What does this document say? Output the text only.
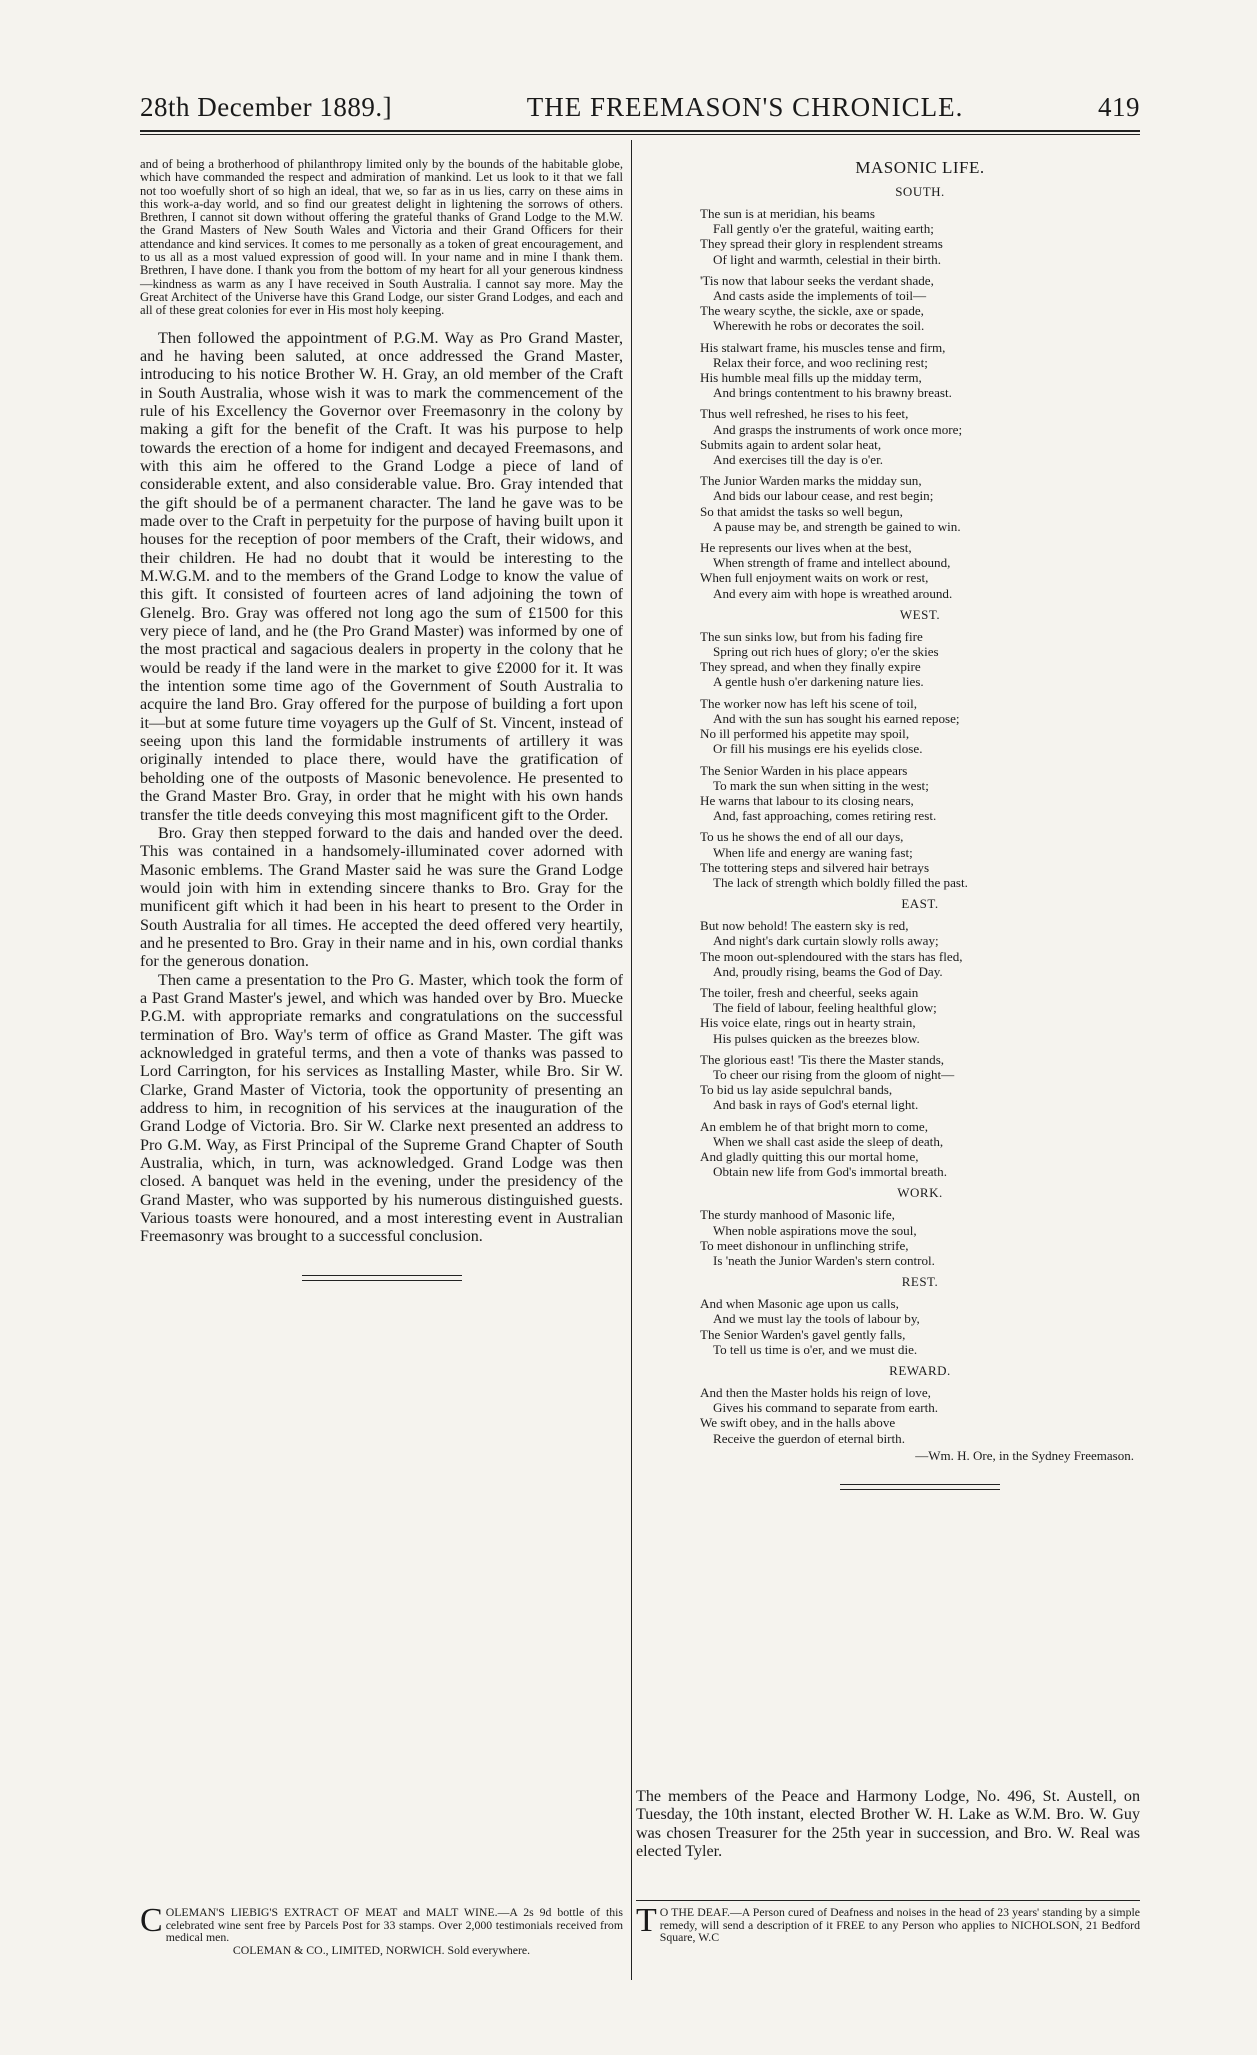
28th December 1889.]	THE FREEMASON'S CHRONICLE.	419

and of being a brotherhood of philanthropy limited only by the bounds of the habitable globe, which have commanded the respect and admiration of mankind. Let us look to it that we fall not too woefully short of so high an ideal, that we, so far as in us lies, carry on these aims in this work-a-day world, and so find our greatest delight in lightening the sorrows of others. Brethren, I cannot sit down without offering the grateful thanks of Grand Lodge to the M.W. the Grand Masters of New South Wales and Victoria and their Grand Officers for their attendance and kind services. It comes to me personally as a token of great encouragement, and to us all as a most valued expression of good will. In your name and in mine I thank them. Brethren, I have done. I thank you from the bottom of my heart for all your generous kindness—kindness as warm as any I have received in South Australia. I cannot say more. May the Great Architect of the Universe have this Grand Lodge, our sister Grand Lodges, and each and all of these great colonies for ever in His most holy keeping.

Then followed the appointment of P.G.M. Way as Pro Grand Master, and he having been saluted, at once addressed the Grand Master, introducing to his notice Brother W. H. Gray, an old member of the Craft in South Australia, whose wish it was to mark the commencement of the rule of his Excellency the Governor over Freemasonry in the colony by making a gift for the benefit of the Craft. It was his purpose to help towards the erection of a home for indigent and decayed Freemasons, and with this aim he offered to the Grand Lodge a piece of land of considerable extent, and also considerable value. Bro. Gray intended that the gift should be of a permanent character. The land he gave was to be made over to the Craft in perpetuity for the purpose of having built upon it houses for the reception of poor members of the Craft, their widows, and their children. He had no doubt that it would be interesting to the M.W.G.M. and to the members of the Grand Lodge to know the value of this gift. It consisted of fourteen acres of land adjoining the town of Glenelg. Bro. Gray was offered not long ago the sum of £1500 for this very piece of land, and he (the Pro Grand Master) was informed by one of the most practical and sagacious dealers in property in the colony that he would be ready if the land were in the market to give £2000 for it. It was the intention some time ago of the Government of South Australia to acquire the land Bro. Gray offered for the purpose of building a fort upon it—but at some future time voyagers up the Gulf of St. Vincent, instead of seeing upon this land the formidable instruments of artillery it was originally intended to place there, would have the gratification of beholding one of the outposts of Masonic benevolence. He presented to the Grand Master Bro. Gray, in order that he might with his own hands transfer the title deeds conveying this most magnificent gift to the Order.

Bro. Gray then stepped forward to the dais and handed over the deed. This was contained in a handsomely-illuminated cover adorned with Masonic emblems. The Grand Master said he was sure the Grand Lodge would join with him in extending sincere thanks to Bro. Gray for the munificent gift which it had been in his heart to present to the Order in South Australia for all times. He accepted the deed offered very heartily, and he presented to Bro. Gray in their name and in his, own cordial thanks for the generous donation.

Then came a presentation to the Pro G. Master, which took the form of a Past Grand Master's jewel, and which was handed over by Bro. Muecke P.G.M. with appropriate remarks and congratulations on the successful termination of Bro. Way's term of office as Grand Master. The gift was acknowledged in grateful terms, and then a vote of thanks was passed to Lord Carrington, for his services as Installing Master, while Bro. Sir W. Clarke, Grand Master of Victoria, took the opportunity of presenting an address to him, in recognition of his services at the inauguration of the Grand Lodge of Victoria. Bro. Sir W. Clarke next presented an address to Pro G.M. Way, as First Principal of the Supreme Grand Chapter of South Australia, which, in turn, was acknowledged. Grand Lodge was then closed. A banquet was held in the evening, under the presidency of the Grand Master, who was supported by his numerous distinguished guests. Various toasts were honoured, and a most interesting event in Australian Freemasonry was brought to a successful conclusion.

MASONIC LIFE.
SOUTH.
The sun is at meridian, his beams
Fall gently o'er the grateful, waiting earth;
They spread their glory in resplendent streams
Of light and warmth, celestial in their birth.
'Tis now that labour seeks the verdant shade,
And casts aside the implements of toil—
The weary scythe, the sickle, axe or spade,
Wherewith he robs or decorates the soil.
His stalwart frame, his muscles tense and firm,
Relax their force, and woo reclining rest;
His humble meal fills up the midday term,
And brings contentment to his brawny breast.
Thus well refreshed, he rises to his feet,
And grasps the instruments of work once more;
Submits again to ardent solar heat,
And exercises till the day is o'er.
The Junior Warden marks the midday sun,
And bids our labour cease, and rest begin;
So that amidst the tasks so well begun,
A pause may be, and strength be gained to win.
He represents our lives when at the best,
When strength of frame and intellect abound,
When full enjoyment waits on work or rest,
And every aim with hope is wreathed around.
WEST.
The sun sinks low, but from his fading fire
Spring out rich hues of glory; o'er the skies
They spread, and when they finally expire
A gentle hush o'er darkening nature lies.
The worker now has left his scene of toil,
And with the sun has sought his earned repose;
No ill performed his appetite may spoil,
Or fill his musings ere his eyelids close.
The Senior Warden in his place appears
To mark the sun when sitting in the west;
He warns that labour to its closing nears,
And, fast approaching, comes retiring rest.
To us he shows the end of all our days,
When life and energy are waning fast;
The tottering steps and silvered hair betrays
The lack of strength which boldly filled the past.
EAST.
But now behold! The eastern sky is red,
And night's dark curtain slowly rolls away;
The moon out-splendoured with the stars has fled,
And, proudly rising, beams the God of Day.
The toiler, fresh and cheerful, seeks again
The field of labour, feeling healthful glow;
His voice elate, rings out in hearty strain,
His pulses quicken as the breezes blow.
The glorious east! 'Tis there the Master stands,
To cheer our rising from the gloom of night—
To bid us lay aside sepulchral bands,
And bask in rays of God's eternal light.
An emblem he of that bright morn to come,
When we shall cast aside the sleep of death,
And gladly quitting this our mortal home,
Obtain new life from God's immortal breath.
WORK.
The sturdy manhood of Masonic life,
When noble aspirations move the soul,
To meet dishonour in unflinching strife,
Is 'neath the Junior Warden's stern control.
REST.
And when Masonic age upon us calls,
And we must lay the tools of labour by,
The Senior Warden's gavel gently falls,
To tell us time is o'er, and we must die.
REWARD.
And then the Master holds his reign of love,
Gives his command to separate from earth.
We swift obey, and in the halls above
Receive the guerdon of eternal birth.
—Wm. H. Ore, in the Sydney Freemason.
The members of the Peace and Harmony Lodge, No. 496, St. Austell, on Tuesday, the 10th instant, elected Brother W. H. Lake as W.M. Bro. W. Guy was chosen Treasurer for the 25th year in succession, and Bro. W. Real was elected Tyler.
C OLEMAN'S LIEBIG'S EXTRACT OF MEAT and MALT WINE.—A 2s 9d bottle of this celebrated wine sent free by Parcels Post for 33 stamps. Over 2,000 testimonials received from medical men.
COLEMAN & CO., LIMITED, NORWICH. Sold everywhere.
T O THE DEAF.—A Person cured of Deafness and noises in the head of 23 years' standing by a simple remedy, will send a description of it FREE to any Person who applies to NICHOLSON, 21 Bedford Square, W.C
